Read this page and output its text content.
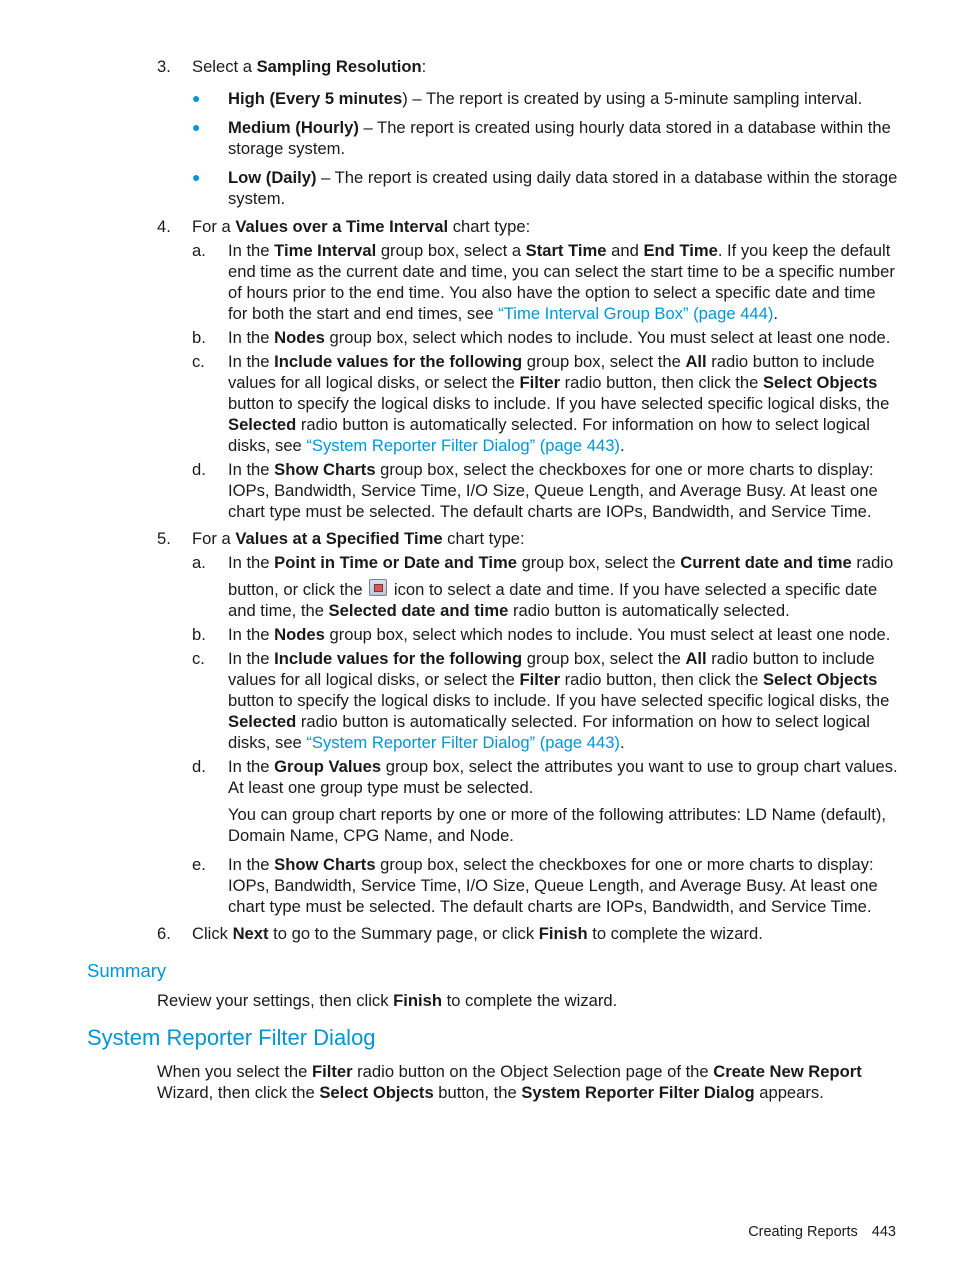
3. Select a Sampling Resolution:
● High (Every 5 minutes) – The report is created by using a 5-minute sampling interval.
● Medium (Hourly) – The report is created using hourly data stored in a database within the storage system.
● Low (Daily) – The report is created using daily data stored in a database within the storage system.
4. For a Values over a Time Interval chart type:
a. In the Time Interval group box, select a Start Time and End Time. If you keep the default end time as the current date and time, you can select the start time to be a specific number of hours prior to the end time. You also have the option to select a specific date and time for both the start and end times, see “Time Interval Group Box” (page 444).
b. In the Nodes group box, select which nodes to include. You must select at least one node.
c. In the Include values for the following group box, select the All radio button to include values for all logical disks, or select the Filter radio button, then click the Select Objects button to specify the logical disks to include. If you have selected specific logical disks, the Selected radio button is automatically selected. For information on how to select logical disks, see “System Reporter Filter Dialog” (page 443).
d. In the Show Charts group box, select the checkboxes for one or more charts to display: IOPs, Bandwidth, Service Time, I/O Size, Queue Length, and Average Busy. At least one chart type must be selected. The default charts are IOPs, Bandwidth, and Service Time.
5. For a Values at a Specified Time chart type:
a. In the Point in Time or Date and Time group box, select the Current date and time radio
button, or click the  icon to select a date and time. If you have selected a specific date and time, the Selected date and time radio button is automatically selected.
b. In the Nodes group box, select which nodes to include. You must select at least one node.
c. In the Include values for the following group box, select the All radio button to include values for all logical disks, or select the Filter radio button, then click the Select Objects button to specify the logical disks to include. If you have selected specific logical disks, the Selected radio button is automatically selected. For information on how to select logical disks, see “System Reporter Filter Dialog” (page 443).
d. In the Group Values group box, select the attributes you want to use to group chart values. At least one group type must be selected.
You can group chart reports by one or more of the following attributes: LD Name (default), Domain Name, CPG Name, and Node.
e. In the Show Charts group box, select the checkboxes for one or more charts to display: IOPs, Bandwidth, Service Time, I/O Size, Queue Length, and Average Busy. At least one chart type must be selected. The default charts are IOPs, Bandwidth, and Service Time.
6. Click Next to go to the Summary page, or click Finish to complete the wizard.
Summary
Review your settings, then click Finish to complete the wizard.
System Reporter Filter Dialog
When you select the Filter radio button on the Object Selection page of the Create New Report Wizard, then click the Select Objects button, the System Reporter Filter Dialog appears.
Creating Reports 443
